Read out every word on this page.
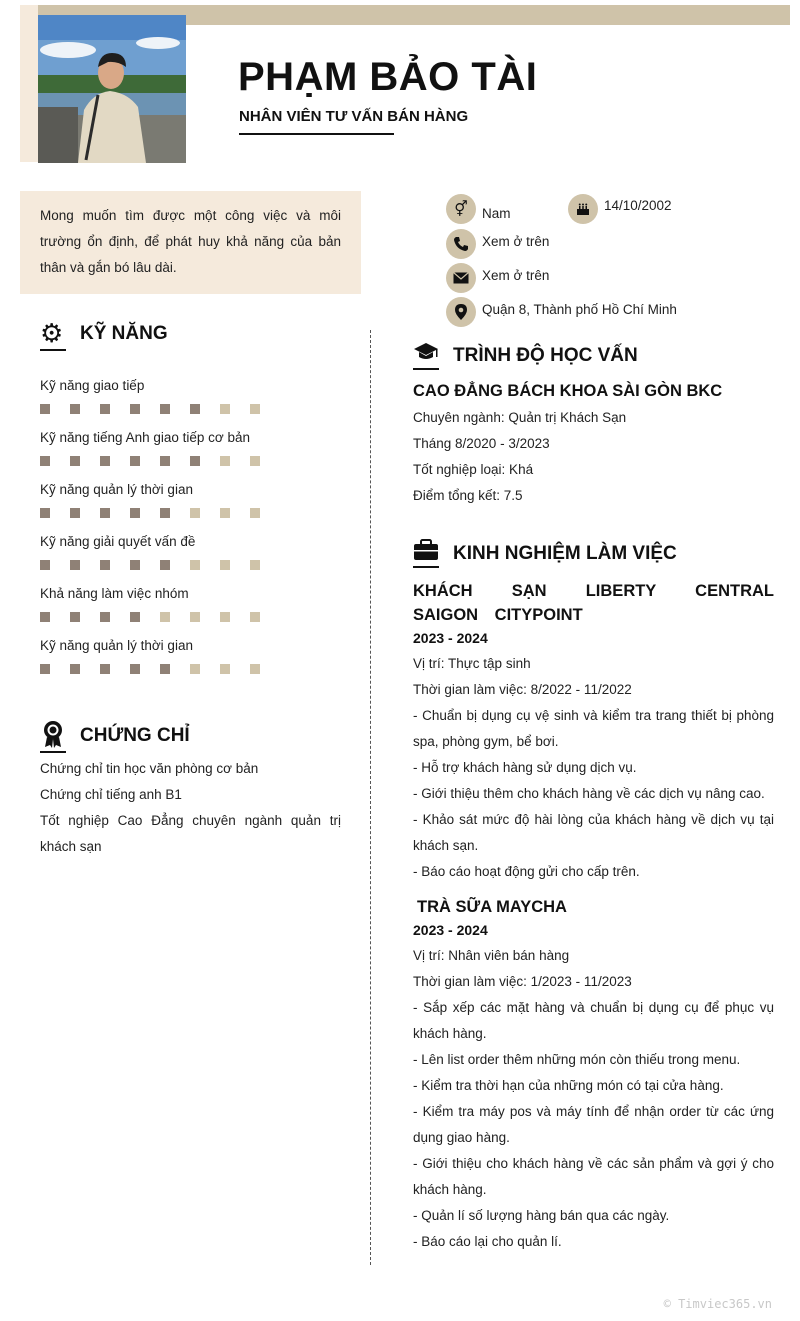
PHẠM BẢO TÀI
NHÂN VIÊN TƯ VẤN BÁN HÀNG

Mong muốn tìm được một công việc và môi trường ổn định, để phát huy khả năng của bản thân và gắn bó lâu dài.

⚥	Nam
14/10/2002
Xem ở trên
Xem ở trên
Quận 8, Thành phố Hồ Chí Minh
⚙ KỸ NĂNG
Kỹ năng giao tiếp
Kỹ năng tiếng Anh giao tiếp cơ bản
Kỹ năng quản lý thời gian
Kỹ năng giải quyết vấn đề
Khả năng làm việc nhóm
Kỹ năng quản lý thời gian
CHỨNG CHỈ
Chứng chỉ tin học văn phòng cơ bản
Chứng chỉ tiếng anh B1
Tốt nghiệp Cao Đẳng chuyên ngành quản trị khách sạn
TRÌNH ĐỘ HỌC VẤN
CAO ĐẲNG BÁCH KHOA SÀI GÒN BKC
Chuyên ngành: Quản trị Khách Sạn
Tháng 8/2020 - 3/2023
Tốt nghiệp loại: Khá
Điểm tổng kết: 7.5
KINH NGHIỆM LÀM VIỆC
KHÁCH SẠN LIBERTY CENTRAL SAIGON CITYPOINT
2023 - 2024
Vị trí: Thực tập sinh
Thời gian làm việc: 8/2022 - 11/2022
- Chuẩn bị dụng cụ vệ sinh và kiểm tra trang thiết bị phòng spa, phòng gym, bể bơi.
- Hỗ trợ khách hàng sử dụng dịch vụ.
- Giới thiệu thêm cho khách hàng về các dịch vụ nâng cao.
- Khảo sát mức độ hài lòng của khách hàng về dịch vụ tại khách sạn.
- Báo cáo hoạt động gửi cho cấp trên.
TRÀ SỮA MAYCHA
2023 - 2024
Vị trí: Nhân viên bán hàng
Thời gian làm việc: 1/2023 - 11/2023
- Sắp xếp các mặt hàng và chuẩn bị dụng cụ để phục vụ khách hàng.
- Lên list order thêm những món còn thiếu trong menu.
- Kiểm tra thời hạn của những món có tại cửa hàng.
- Kiểm tra máy pos và máy tính để nhận order từ các ứng dụng giao hàng.
- Giới thiệu cho khách hàng về các sản phẩm và gợi ý cho khách hàng.
- Quản lí số lượng hàng bán qua các ngày.
- Báo cáo lại cho quản lí.
© Timviec365.vn
